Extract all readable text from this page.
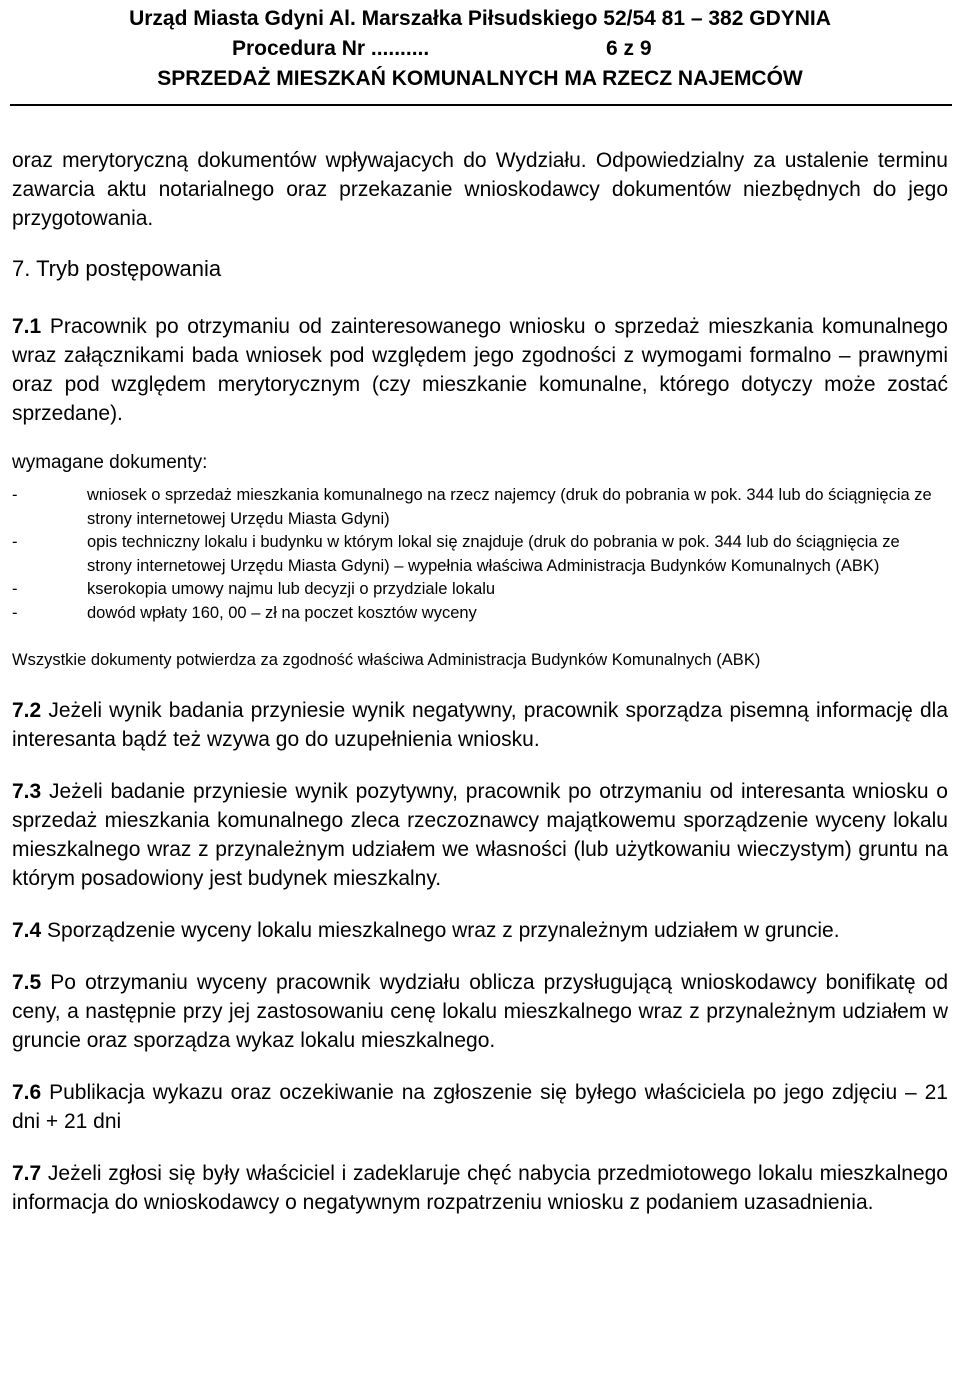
Urząd Miasta Gdyni Al. Marszałka Piłsudskiego 52/54 81 – 382 GDYNIA
Procedura Nr ..........	6 z 9
SPRZEDAŻ MIESZKAŃ KOMUNALNYCH MA RZECZ NAJEMCÓW

oraz merytoryczną dokumentów wpływajacych do Wydziału. Odpowiedzialny za ustalenie terminu zawarcia aktu notarialnego oraz przekazanie wnioskodawcy dokumentów niezbędnych do jego przygotowania.

7. Tryb postępowania

7.1 Pracownik po otrzymaniu od zainteresowanego wniosku o sprzedaż mieszkania komunalnego wraz załącznikami bada wniosek pod względem jego zgodności z wymogami formalno – prawnymi oraz pod względem merytorycznym (czy mieszkanie komunalne, którego dotyczy może zostać sprzedane).

wymagane dokumenty:
-	wniosek o sprzedaż mieszkania komunalnego na rzecz najemcy (druk do pobrania w pok. 344 lub do ściągnięcia ze strony internetowej Urzędu Miasta Gdyni)
-	opis techniczny lokalu i budynku w którym lokal się znajduje (druk do pobrania w pok. 344 lub do ściągnięcia ze strony internetowej Urzędu Miasta Gdyni) – wypełnia właściwa Administracja Budynków Komunalnych (ABK)
-	kserokopia umowy najmu lub decyzji o przydziale lokalu
-	dowód wpłaty 160, 00 – zł na poczet kosztów wyceny
Wszystkie dokumenty potwierdza za zgodność właściwa Administracja Budynków Komunalnych (ABK)

7.2 Jeżeli wynik badania przyniesie wynik negatywny, pracownik sporządza pisemną informację dla interesanta bądź też wzywa go do uzupełnienia wniosku.

7.3 Jeżeli badanie przyniesie wynik pozytywny, pracownik po otrzymaniu od interesanta wniosku o sprzedaż mieszkania komunalnego zleca rzeczoznawcy majątkowemu sporządzenie wyceny lokalu mieszkalnego wraz z przynależnym udziałem we własności (lub użytkowaniu wieczystym) gruntu na którym posadowiony jest budynek mieszkalny.

7.4 Sporządzenie wyceny lokalu mieszkalnego wraz z przynależnym udziałem w gruncie.

7.5 Po otrzymaniu wyceny pracownik wydziału oblicza przysługującą wnioskodawcy bonifikatę od ceny, a następnie przy jej zastosowaniu cenę lokalu mieszkalnego wraz z przynależnym udziałem w gruncie oraz sporządza wykaz lokalu mieszkalnego.

7.6 Publikacja wykazu oraz oczekiwanie na zgłoszenie się byłego właściciela po jego zdjęciu – 21 dni + 21 dni

7.7 Jeżeli zgłosi się były właściciel i zadeklaruje chęć nabycia przedmiotowego lokalu mieszkalnego informacja do wnioskodawcy o negatywnym rozpatrzeniu wniosku z podaniem uzasadnienia.
